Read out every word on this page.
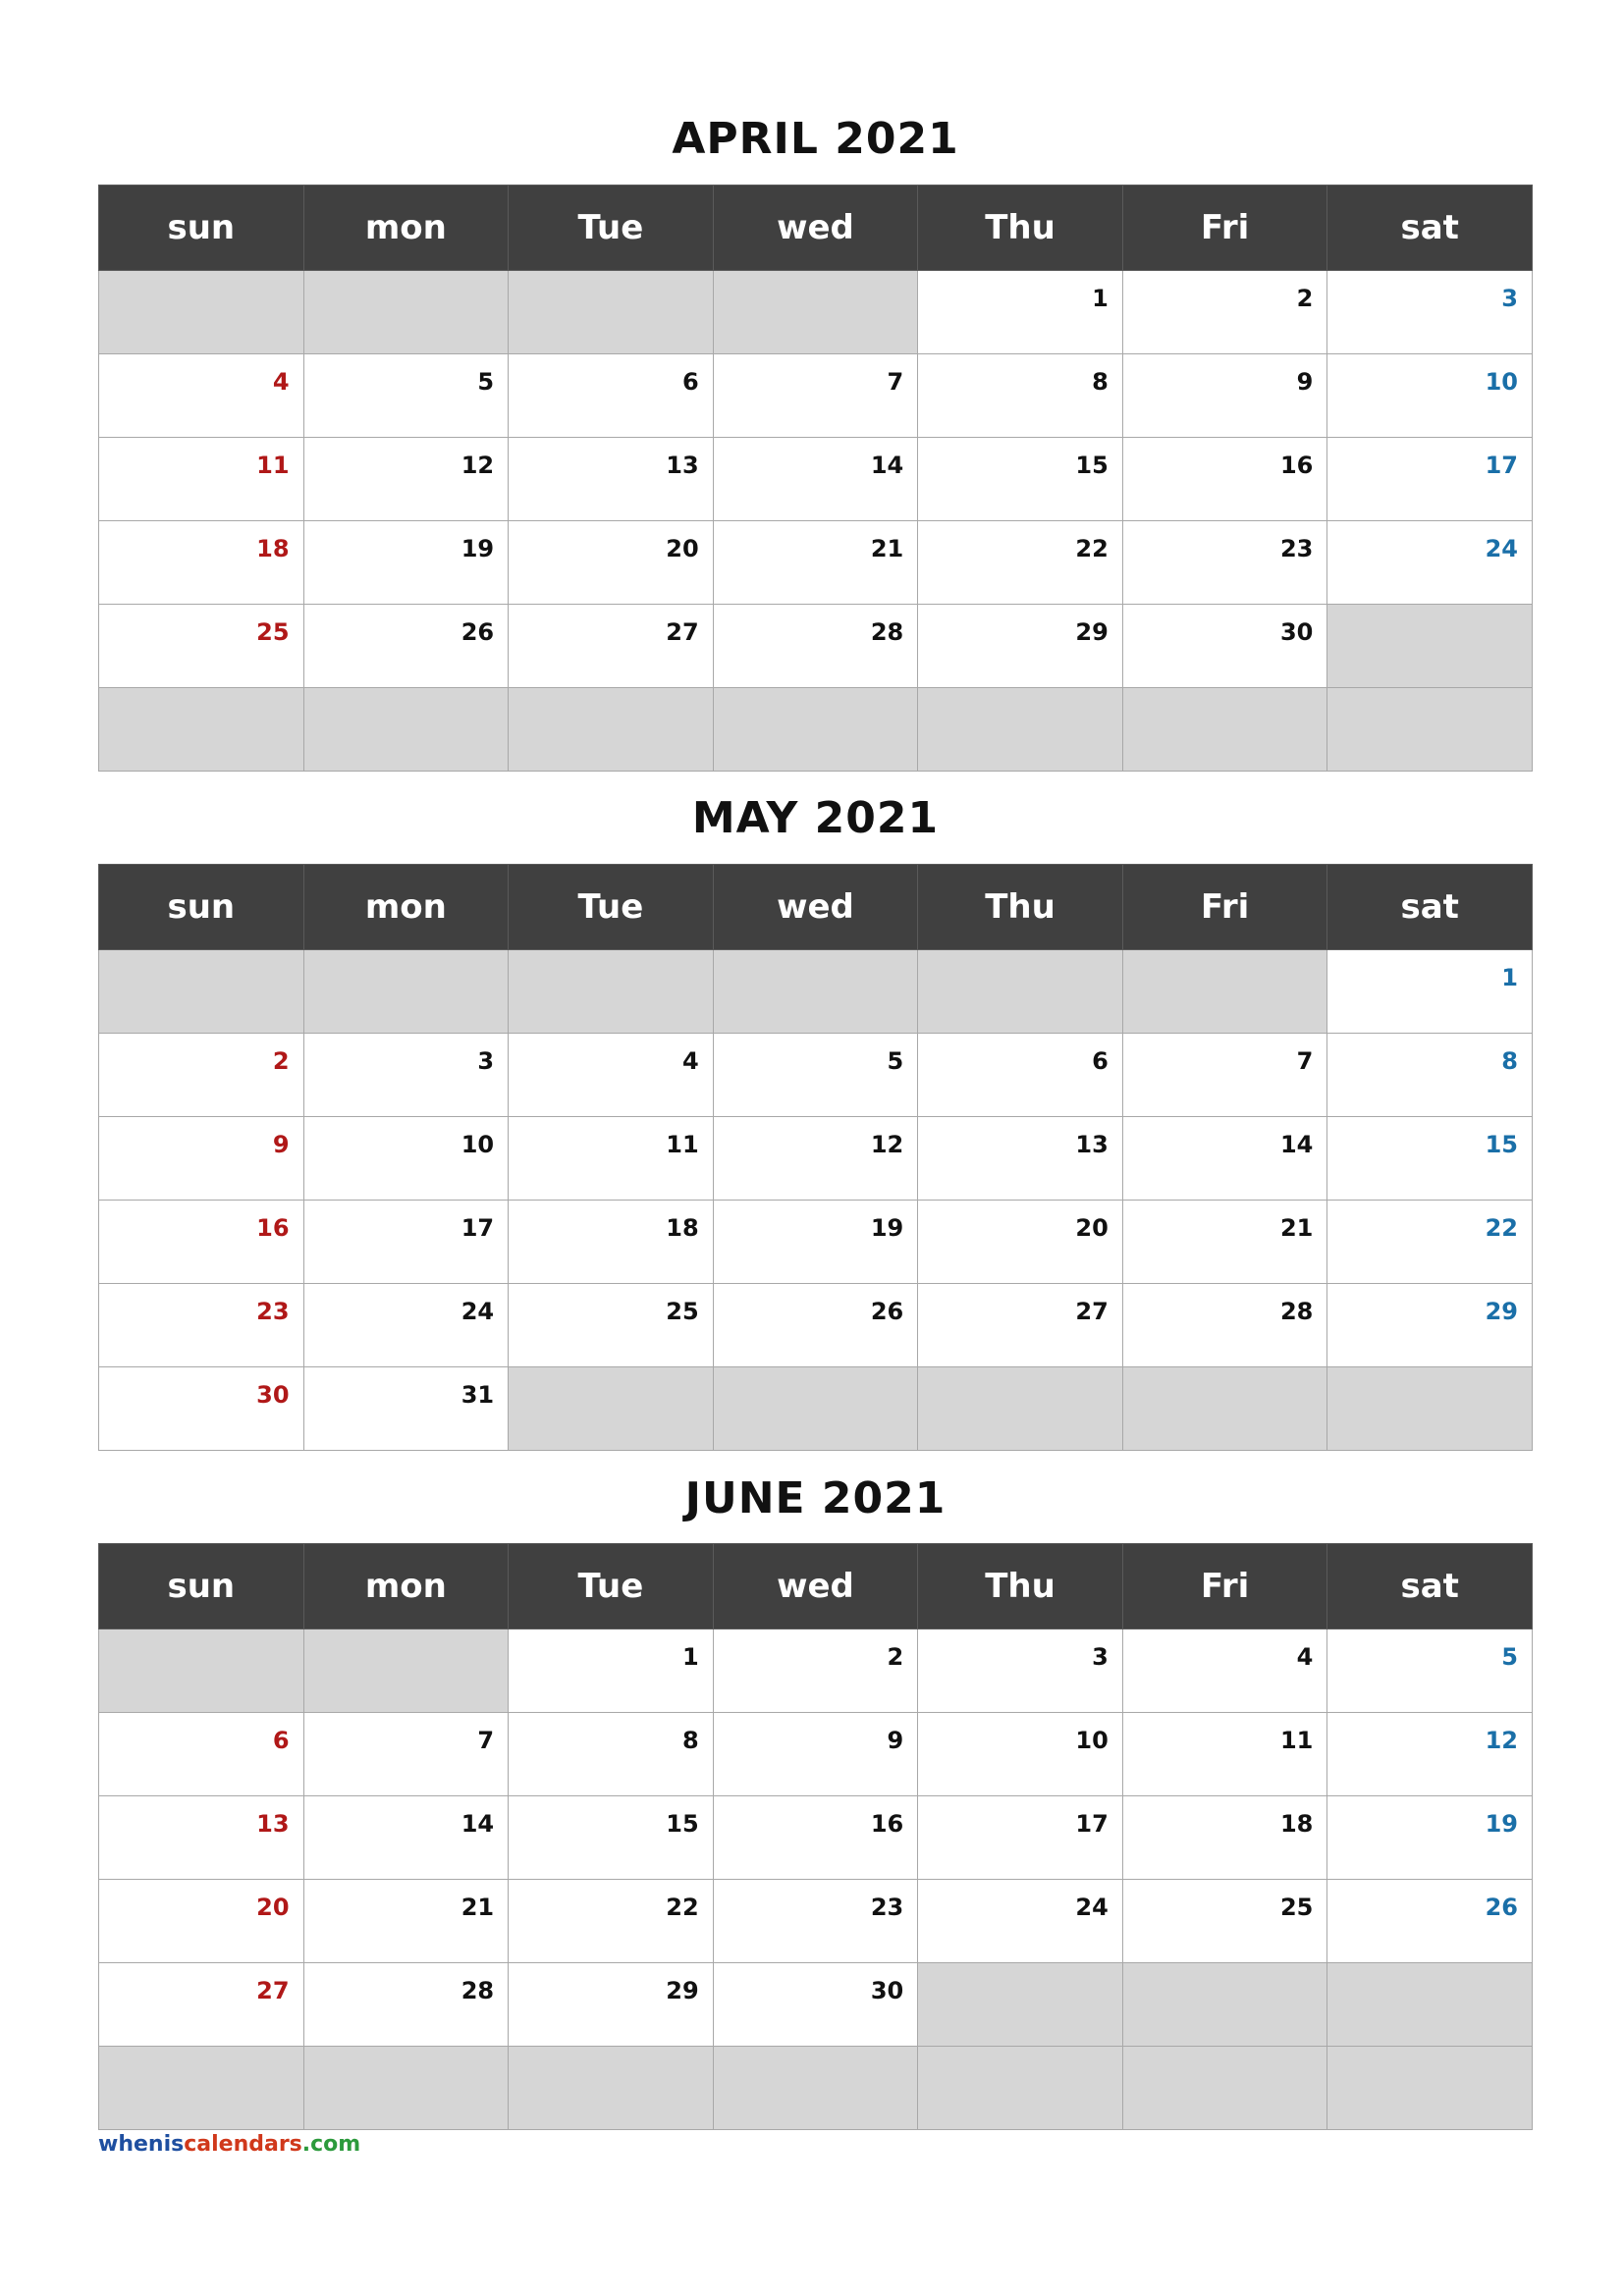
APRIL 2021
sun	mon	Tue	wed	Thu	Fri	sat
				1	2	3
4	5	6	7	8	9	10
11	12	13	14	15	16	17
18	19	20	21	22	23	24
25	26	27	28	29	30	

MAY 2021
sun	mon	Tue	wed	Thu	Fri	sat
						1
2	3	4	5	6	7	8
9	10	11	12	13	14	15
16	17	18	19	20	21	22
23	24	25	26	27	28	29
30	31					
JUNE 2021
sun	mon	Tue	wed	Thu	Fri	sat
		1	2	3	4	5
6	7	8	9	10	11	12
13	14	15	16	17	18	19
20	21	22	23	24	25	26
27	28	29	30			

wheniscalendars.com
